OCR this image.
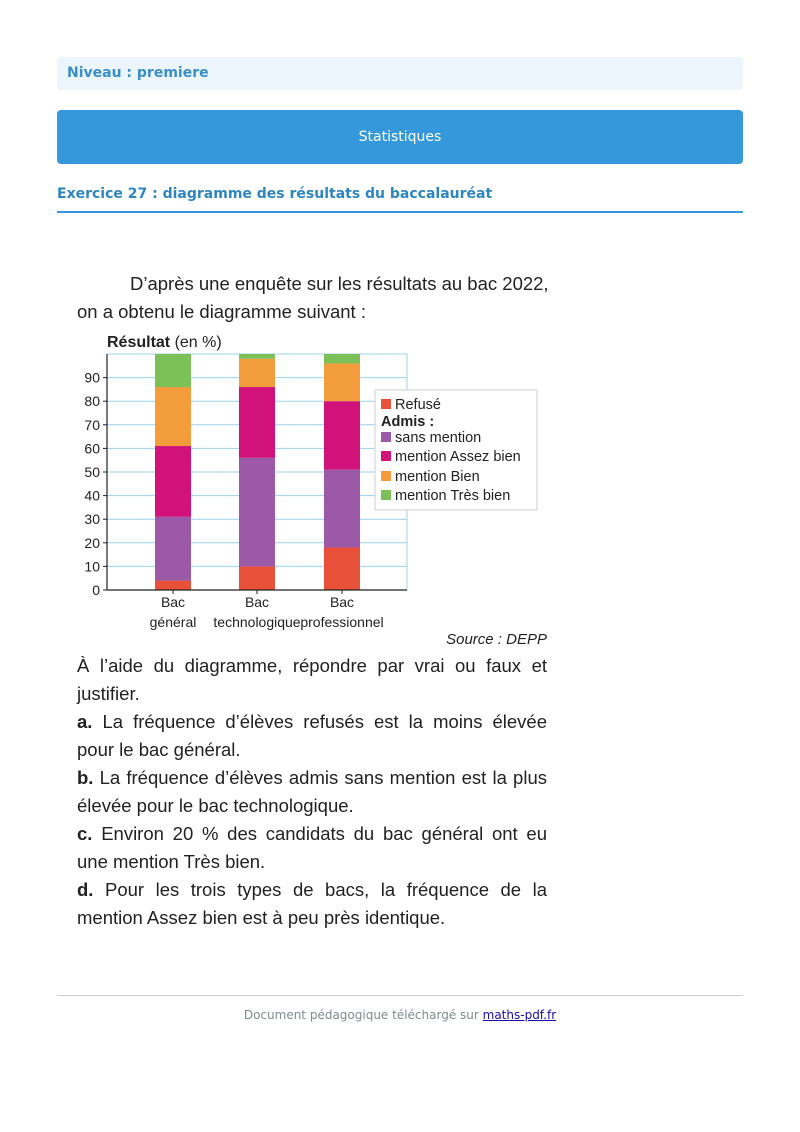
Niveau : premiere
Statistiques
Exercice 27 : diagramme des résultats du baccalauréat

D’après une enquête sur les résultats au bac 2022,
on a obtenu le diagramme suivant :

Résultat (en %)
0
10
20
30
40
50
60
70
80
90
Bac
général
Bac
technologique
Bac
professionnel
Refusé
Admis :
sans mention
mention Assez bien
mention Bien
mention Très bien
Source : DEPP

À l’aide du diagramme, répondre par vrai ou faux et justifier.

a. La fréquence d’élèves refusés est la moins élevée pour le bac général.

b. La fréquence d’élèves admis sans mention est la plus élevée pour le bac technologique.

c. Environ 20 % des candidats du bac général ont eu une mention Très bien.

d. Pour les trois types de bacs, la fréquence de la mention Assez bien est à peu près identique.

Document pédagogique téléchargé sur maths-pdf.fr
